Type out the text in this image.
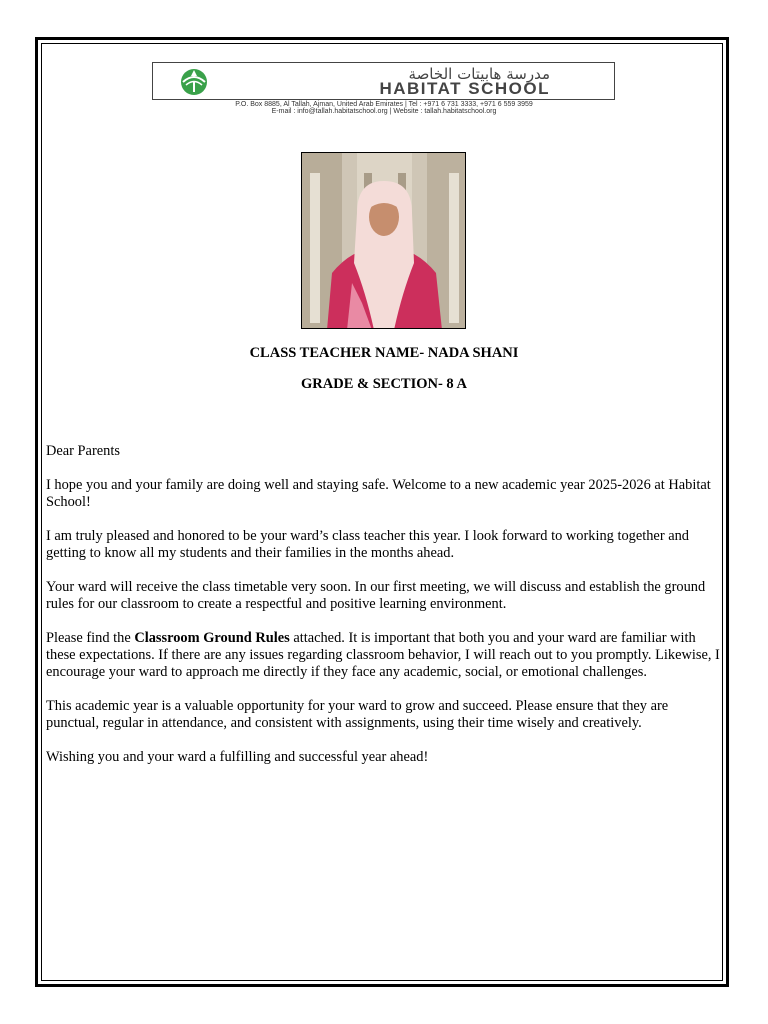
مدرسة هابيتات الخاصة
HABITAT SCHOOL
P.O. Box 8885, Al Tallah, Ajman, United Arab Emirates | Tel : +971 6 731 3333, +971 6 559 3959
E-mail : info@tallah.habitatschool.org | Website : tallah.habitatschool.org
CLASS TEACHER NAME- NADA SHANI
GRADE & SECTION- 8 A

Dear Parents

I hope you and your family are doing well and staying safe. Welcome to a new academic year 2025-2026 at Habitat School!

I am truly pleased and honored to be your ward’s class teacher this year. I look forward to working together and getting to know all my students and their families in the months ahead.

Your ward will receive the class timetable very soon. In our first meeting, we will discuss and establish the ground rules for our classroom to create a respectful and positive learning environment.

Please find the Classroom Ground Rules attached. It is important that both you and your ward are familiar with these expectations. If there are any issues regarding classroom behavior, I will reach out to you promptly. Likewise, I encourage your ward to approach me directly if they face any academic, social, or emotional challenges.

This academic year is a valuable opportunity for your ward to grow and succeed. Please ensure that they are punctual, regular in attendance, and consistent with assignments, using their time wisely and creatively.

Wishing you and your ward a fulfilling and successful year ahead!
